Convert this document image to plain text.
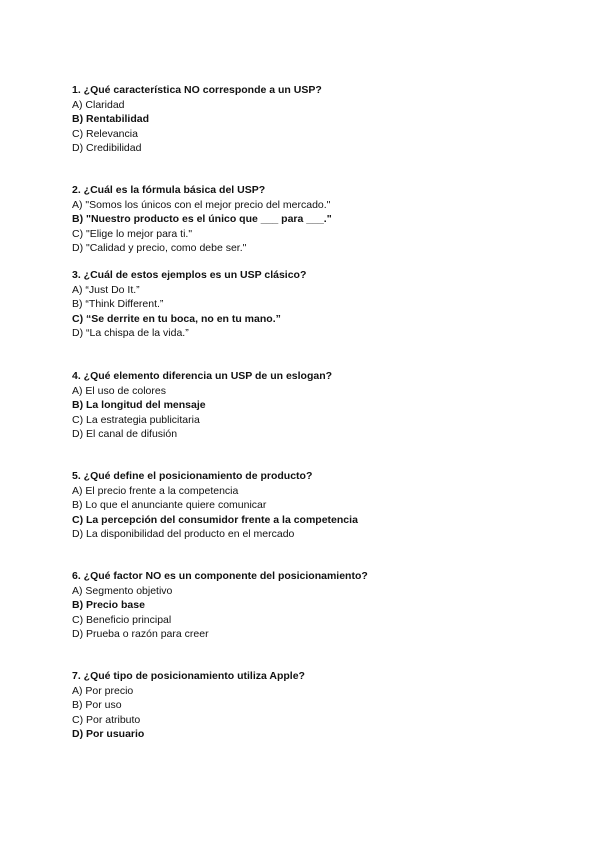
1. ¿Qué característica NO corresponde a un USP?
A) Claridad
B) Rentabilidad
C) Relevancia
D) Credibilidad
2. ¿Cuál es la fórmula básica del USP?
A) "Somos los únicos con el mejor precio del mercado."
B) "Nuestro producto es el único que ___ para ___."
C) "Elige lo mejor para ti."
D) "Calidad y precio, como debe ser."
3. ¿Cuál de estos ejemplos es un USP clásico?
A) “Just Do It.”
B) “Think Different.”
C) “Se derrite en tu boca, no en tu mano.”
D) “La chispa de la vida.”
4. ¿Qué elemento diferencia un USP de un eslogan?
A) El uso de colores
B) La longitud del mensaje
C) La estrategia publicitaria
D) El canal de difusión
5. ¿Qué define el posicionamiento de producto?
A) El precio frente a la competencia
B) Lo que el anunciante quiere comunicar
C) La percepción del consumidor frente a la competencia
D) La disponibilidad del producto en el mercado
6. ¿Qué factor NO es un componente del posicionamiento?
A) Segmento objetivo
B) Precio base
C) Beneficio principal
D) Prueba o razón para creer
7. ¿Qué tipo de posicionamiento utiliza Apple?
A) Por precio
B) Por uso
C) Por atributo
D) Por usuario
